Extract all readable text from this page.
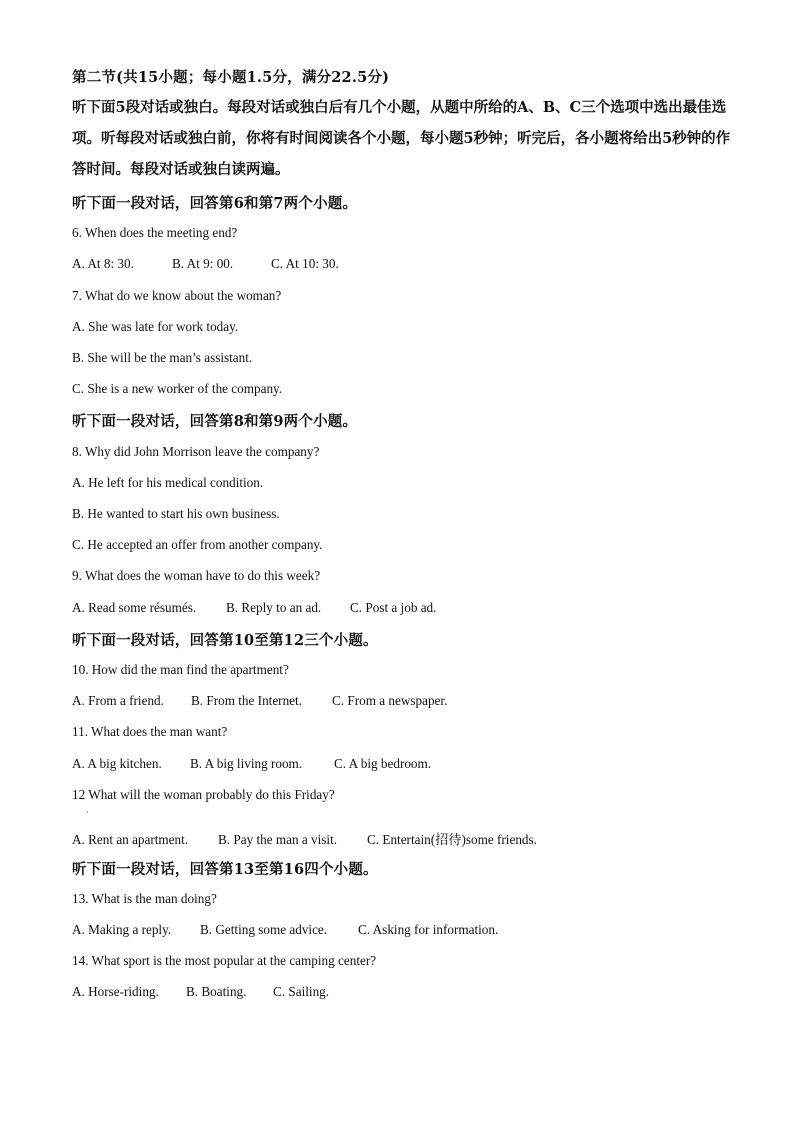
第二节(共15小题；每小题1.5分，满分22.5分)
听下面5段对话或独白。每段对话或独白后有几个小题，从题中所给的A、B、C三个选项中选出最佳选项。听每段对话或独白前，你将有时间阅读各个小题，每小题5秒钟；听完后，各小题将给出5秒钟的作答时间。每段对话或独白读两遍。
听下面一段对话，回答第6和第7两个小题。
6. When does the meeting end?
A. At 8: 30.	B. At 9: 00.	C. At 10: 30.
7. What do we know about the woman?
A. She was late for work today.
B. She will be the man’s assistant.
C. She is a new worker of the company.
听下面一段对话，回答第8和第9两个小题。
8. Why did John Morrison leave the company?
A. He left for his medical condition.
B. He wanted to start his own business.
C. He accepted an offer from another company.
9. What does the woman have to do this week?
A. Read some résumés. B. Reply to an ad. C. Post a job ad.
听下面一段对话，回答第10至第12三个小题。
10. How did the man find the apartment?
A. From a friend. B. From the Internet. C. From a newspaper.
11. What does the man want?
A. A big kitchen. B. A big living room. C. A big bedroom.
12 What will the woman probably do this Friday?
·
A. Rent an apartment. B. Pay the man a visit. C. Entertain(招待)some friends.
听下面一段对话，回答第13至第16四个小题。
13. What is the man doing?
A. Making a reply. B. Getting some advice. C. Asking for information.
14. What sport is the most popular at the camping center?
A. Horse-riding. B. Boating. C. Sailing.
